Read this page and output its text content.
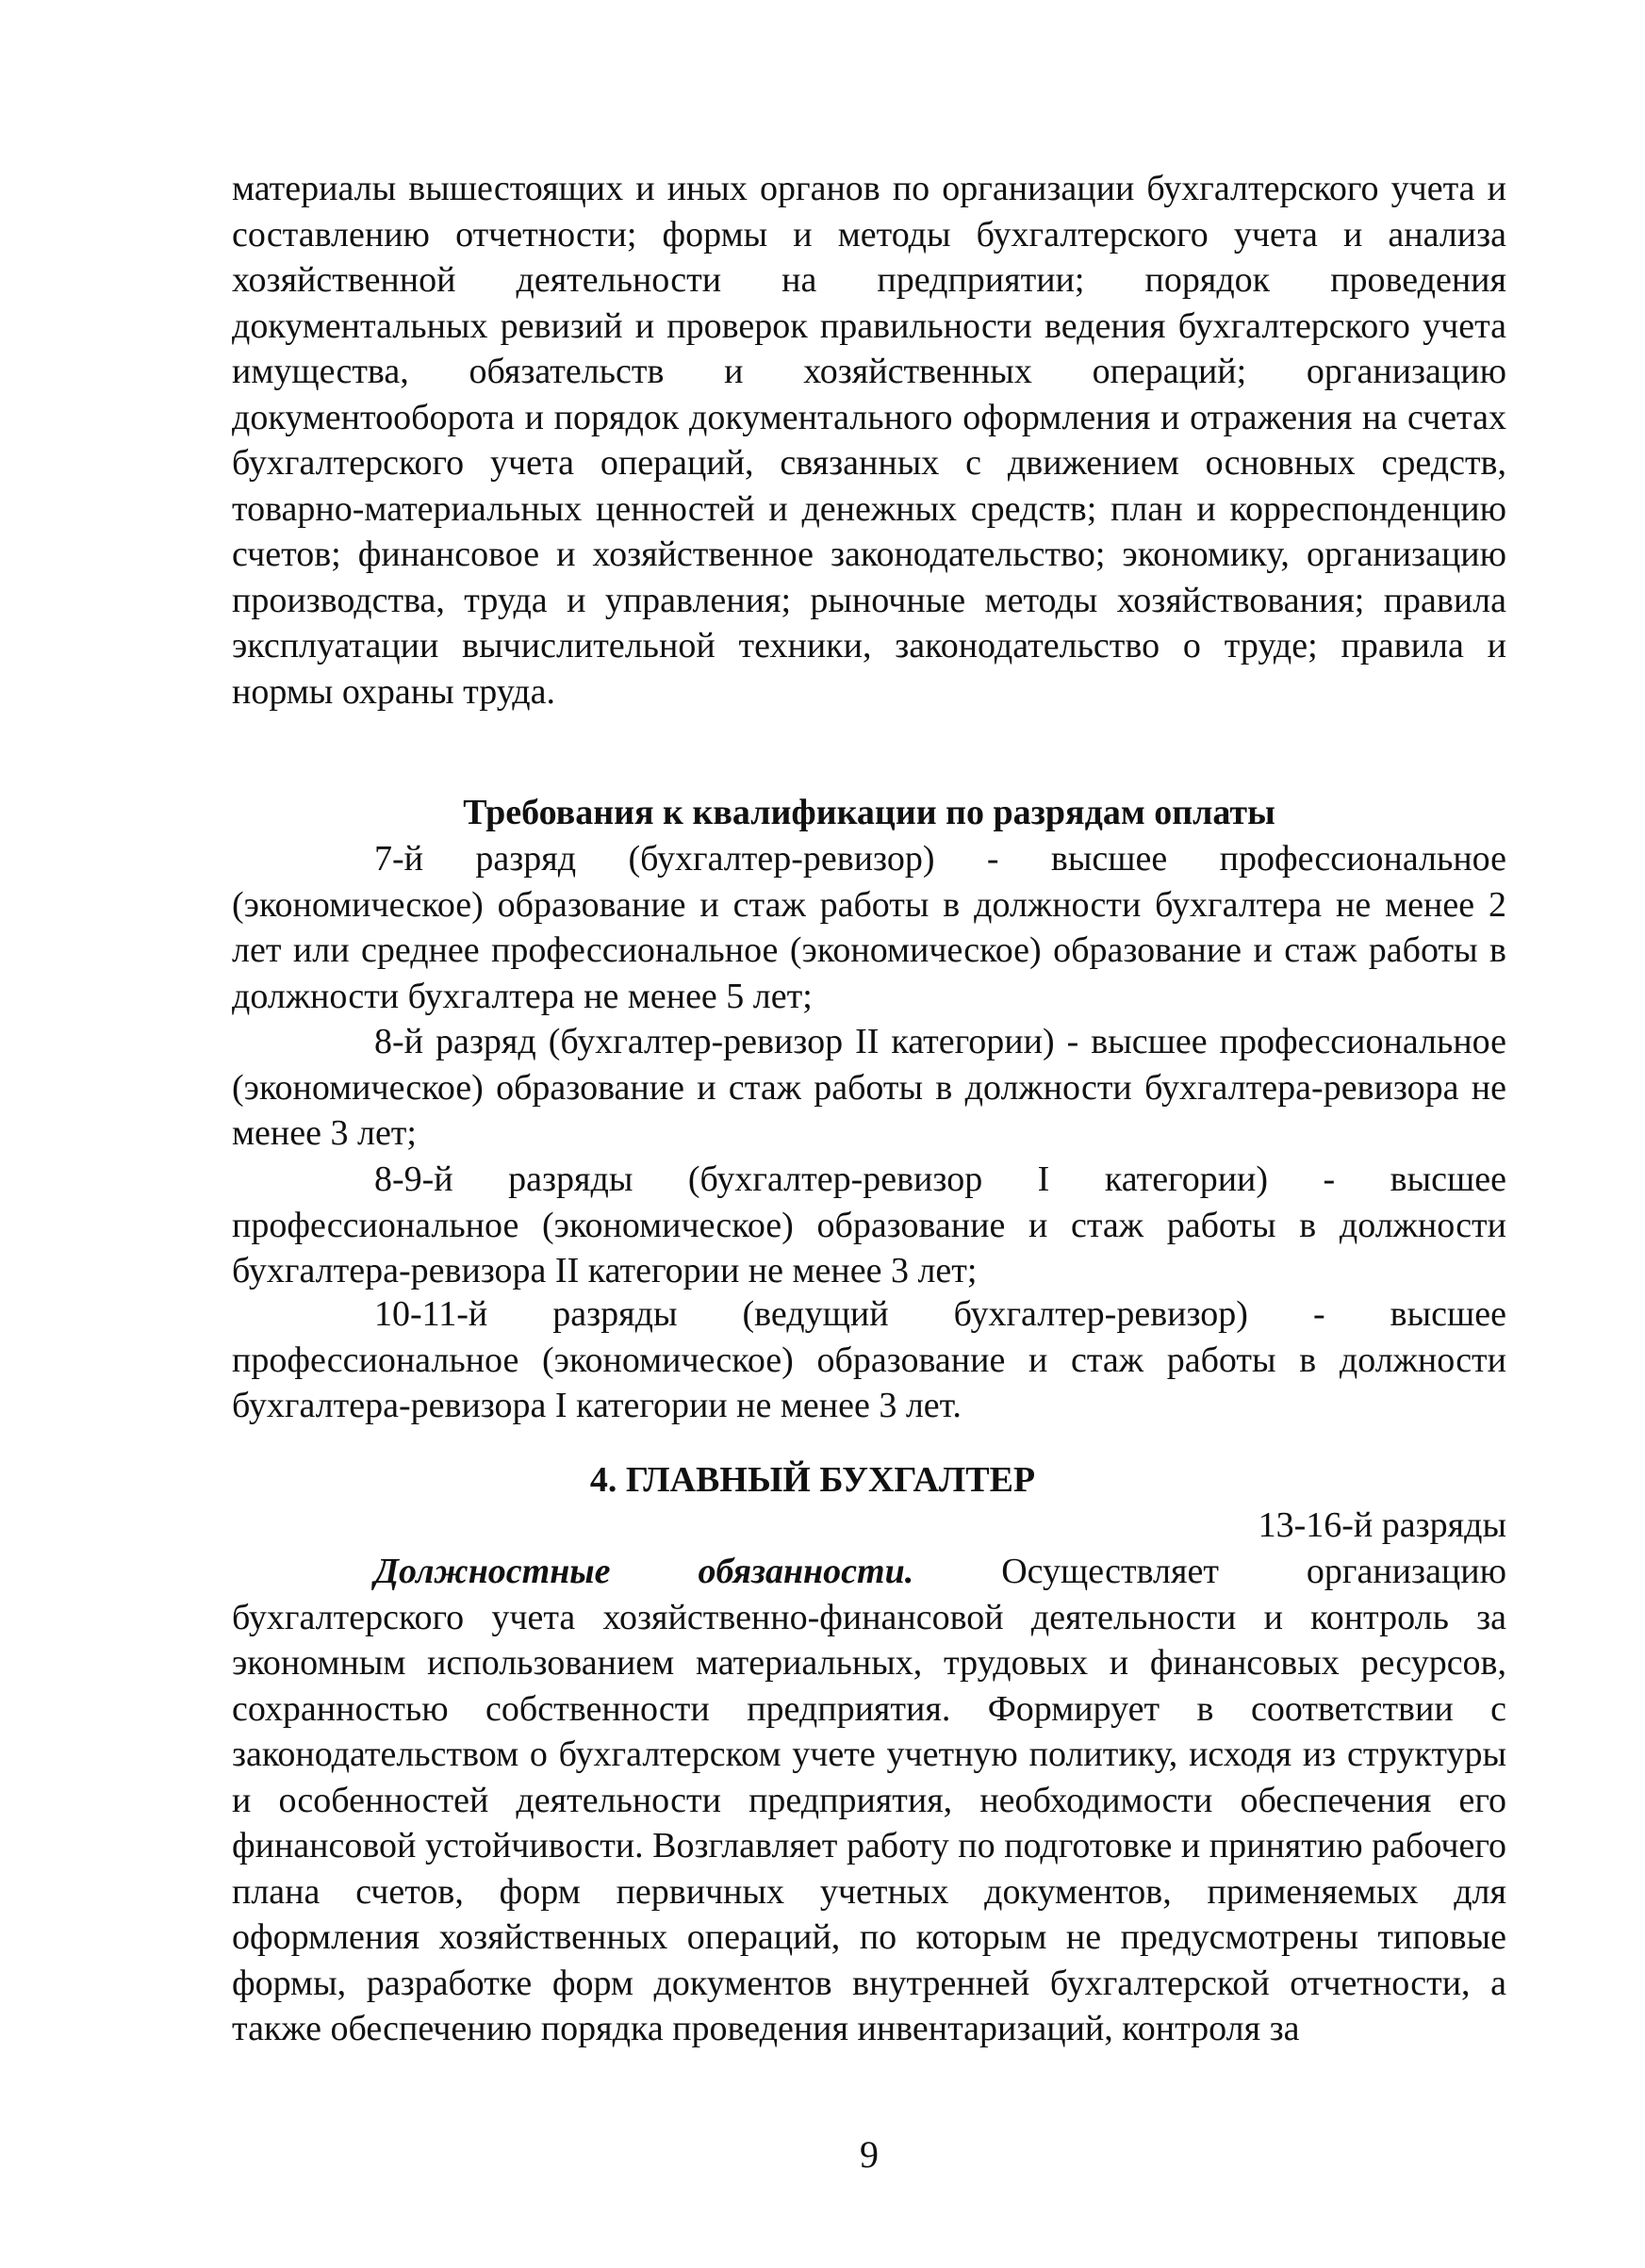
материалы вышестоящих и иных органов по организации бухгалтерского учета и составлению отчетности; формы и методы бухгалтерского учета и анализа хозяйственной деятельности на предприятии; порядок проведения документальных ревизий и проверок правильности ведения бухгалтерского учета имущества, обязательств и хозяйственных операций; организацию документооборота и порядок документального оформления и отражения на счетах бухгалтерского учета операций, связанных с движением основных средств, товарно-материальных ценностей и денежных средств; план и корреспонденцию счетов; финансовое и хозяйственное законодательство; экономику, организацию производства, труда и управления; рыночные методы хозяйствования; правила эксплуатации вычислительной техники, законодательство о труде; правила и нормы охраны труда.

Требования к квалификации по разрядам оплаты

7-й разряд (бухгалтер-ревизор) - высшее профессиональное (экономическое) образование и стаж работы в должности бухгалтера не менее 2 лет или среднее профессиональное (экономическое) образование и стаж работы в должности бухгалтера не менее 5 лет;

8-й разряд (бухгалтер-ревизор II категории) - высшее профессиональное (экономическое) образование и стаж работы в должности бухгалтера-ревизора не менее 3 лет;

8-9-й разряды (бухгалтер-ревизор I категории) - высшее профессиональное (экономическое) образование и стаж работы в должности бухгалтера-ревизора II категории не менее 3 лет;

10-11-й разряды (ведущий бухгалтер-ревизор) - высшее профессиональное (экономическое) образование и стаж работы в должности бухгалтера-ревизора I категории не менее 3 лет.

4. ГЛАВНЫЙ БУХГАЛТЕР

13-16-й разряды

Должностные обязанности. Осуществляет организацию бухгалтерского учета хозяйственно-финансовой деятельности и контроль за экономным использованием материальных, трудовых и финансовых ресурсов, сохранностью собственности предприятия. Формирует в соответствии с законодательством о бухгалтерском учете учетную политику, исходя из структуры и особенностей деятельности предприятия, необходимости обеспечения его финансовой устойчивости. Возглавляет работу по подготовке и принятию рабочего плана счетов, форм первичных учетных документов, применяемых для оформления хозяйственных операций, по которым не предусмотрены типовые формы, разработке форм документов внутренней бухгалтерской отчетности, а также обеспечению порядка проведения инвентаризаций, контроля за

9
